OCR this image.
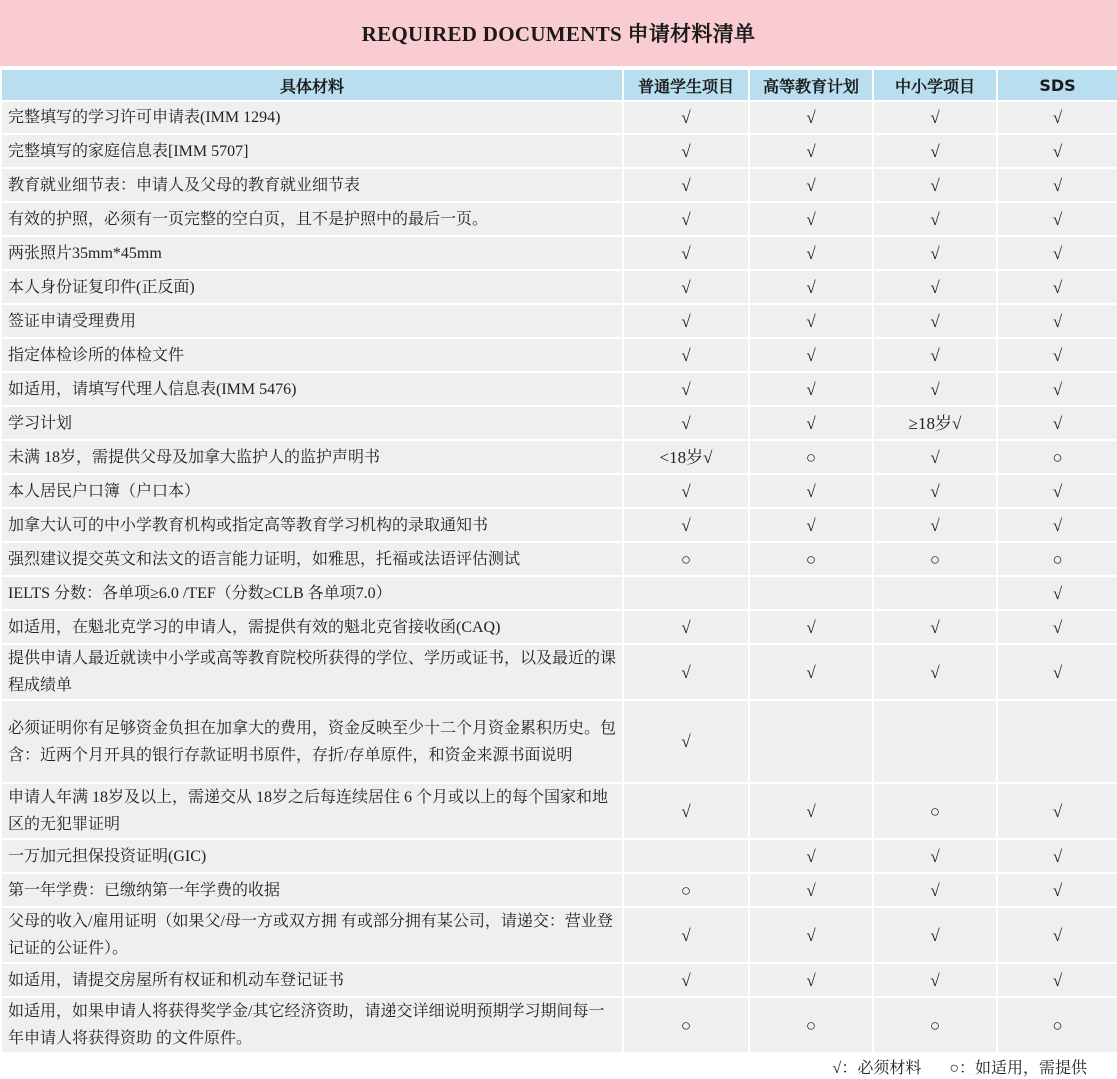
REQUIRED DOCUMENTS 申请材料清单
具体材料	普通学生项目	高等教育计划	中小学项目	SDS
完整填写的学习许可申请表(IMM 1294)	√	√	√	√
完整填写的家庭信息表[IMM 5707]	√	√	√	√
教育就业细节表：申请人及父母的教育就业细节表	√	√	√	√
有效的护照，必须有一页完整的空白页，且不是护照中的最后一页。	√	√	√	√
两张照片35mm*45mm	√	√	√	√
本人身份证复印件(正反面)	√	√	√	√
签证申请受理费用	√	√	√	√
指定体检诊所的体检文件	√	√	√	√
如适用，请填写代理人信息表(IMM 5476)	√	√	√	√
学习计划	√	√	≥18岁√	√
未满 18岁，需提供父母及加拿大监护人的监护声明书	<18岁√	○	√	○
本人居民户口簿（户口本）	√	√	√	√
加拿大认可的中小学教育机构或指定高等教育学习机构的录取通知书	√	√	√	√
强烈建议提交英文和法文的语言能力证明，如雅思，托福或法语评估测试	○	○	○	○
IELTS 分数：各单项≥6.0 /TEF（分数≥CLB 各单项7.0）				√
如适用，在魁北克学习的申请人，需提供有效的魁北克省接收函(CAQ)	√	√	√	√
提供申请人最近就读中小学或高等教育院校所获得的学位、学历或证书，以及最近的课程成绩单	√	√	√	√
必须证明你有足够资金负担在加拿大的费用，资金反映至少十二个月资金累积历史。包含：近两个月开具的银行存款证明书原件，存折/存单原件，和资金来源书面说明	√			
申请人年满 18岁及以上，需递交从 18岁之后每连续居住 6 个月或以上的每个国家和地区的无犯罪证明	√	√	○	√
一万加元担保投资证明(GIC)		√	√	√
第一年学费：已缴纳第一年学费的收据	○	√	√	√
父母的收入/雇用证明（如果父/母一方或双方拥 有或部分拥有某公司，请递交：营业登记证的公证件）。	√	√	√	√
如适用，请提交房屋所有权证和机动车登记证书	√	√	√	√
如适用，如果申请人将获得奖学金/其它经济资助，请递交详细说明预期学习期间每一年申请人将获得资助 的文件原件。	○	○	○	○
√：必须材料 ○：如适用，需提供
